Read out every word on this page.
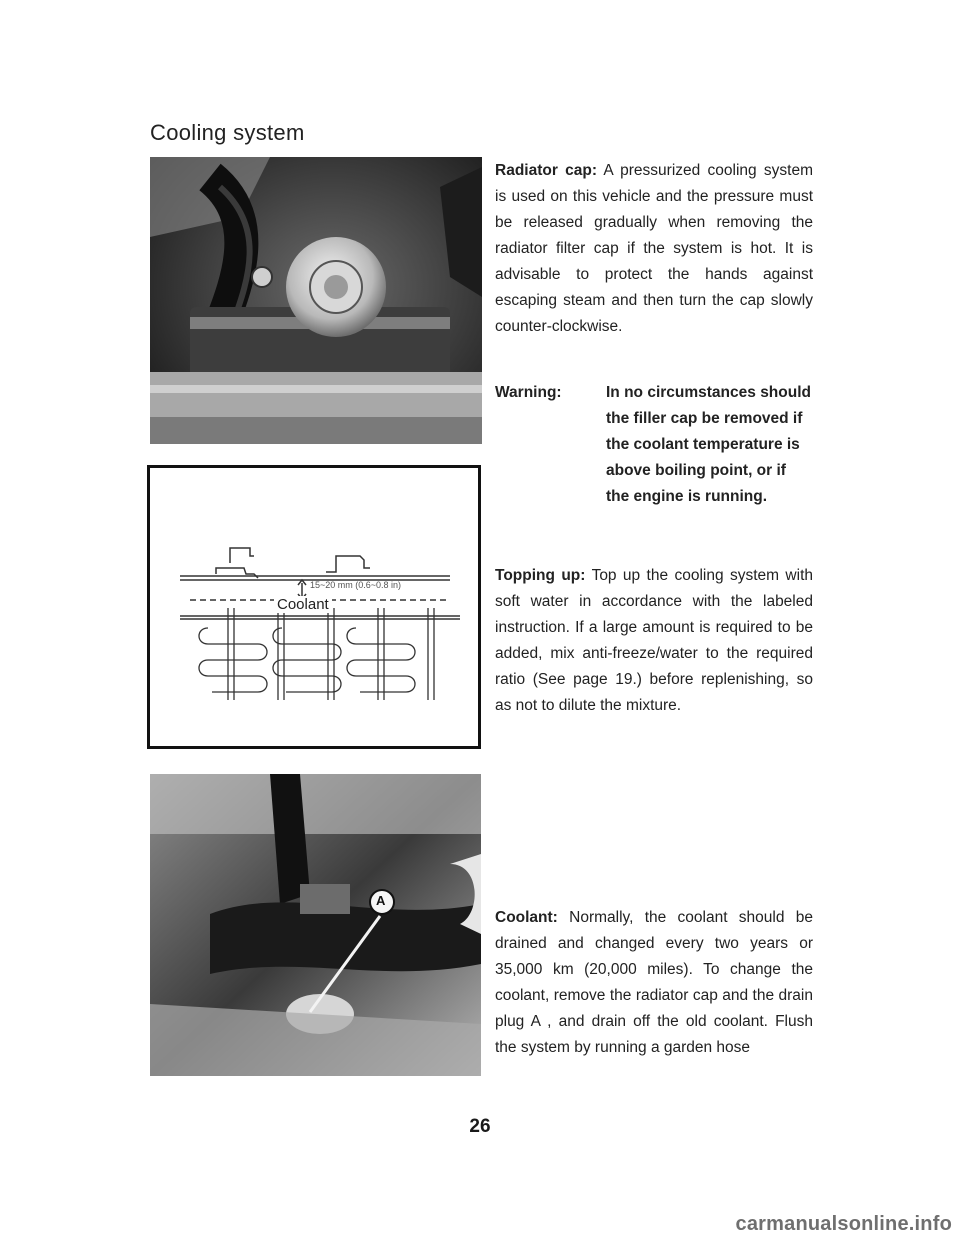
Cooling system
15~20 mm (0.6~0.8 in)
Coolant
A
Radiator cap: A pressurized cooling system is used on this vehicle and the pressure must be released gradually when removing the radiator filter cap if the system is hot. It is advisable to protect the hands against escaping steam and then turn the cap slowly counter-clockwise.
Warning:	In no circumstances should the filler cap be removed if the coolant temperature is above boiling point, or if the engine is running.
Topping up: Top up the cooling system with soft water in accordance with the labeled instruction. If a large amount is required to be added, mix anti-freeze/water to the required ratio (See page 19.) before replenishing, so as not to dilute the mixture.
Coolant: Normally, the coolant should be drained and changed every two years or 35,000 km (20,000 miles). To change the coolant, remove the radiator cap and the drain plug A , and drain off the old coolant. Flush the system by running a garden hose
26
carmanualsonline.info
